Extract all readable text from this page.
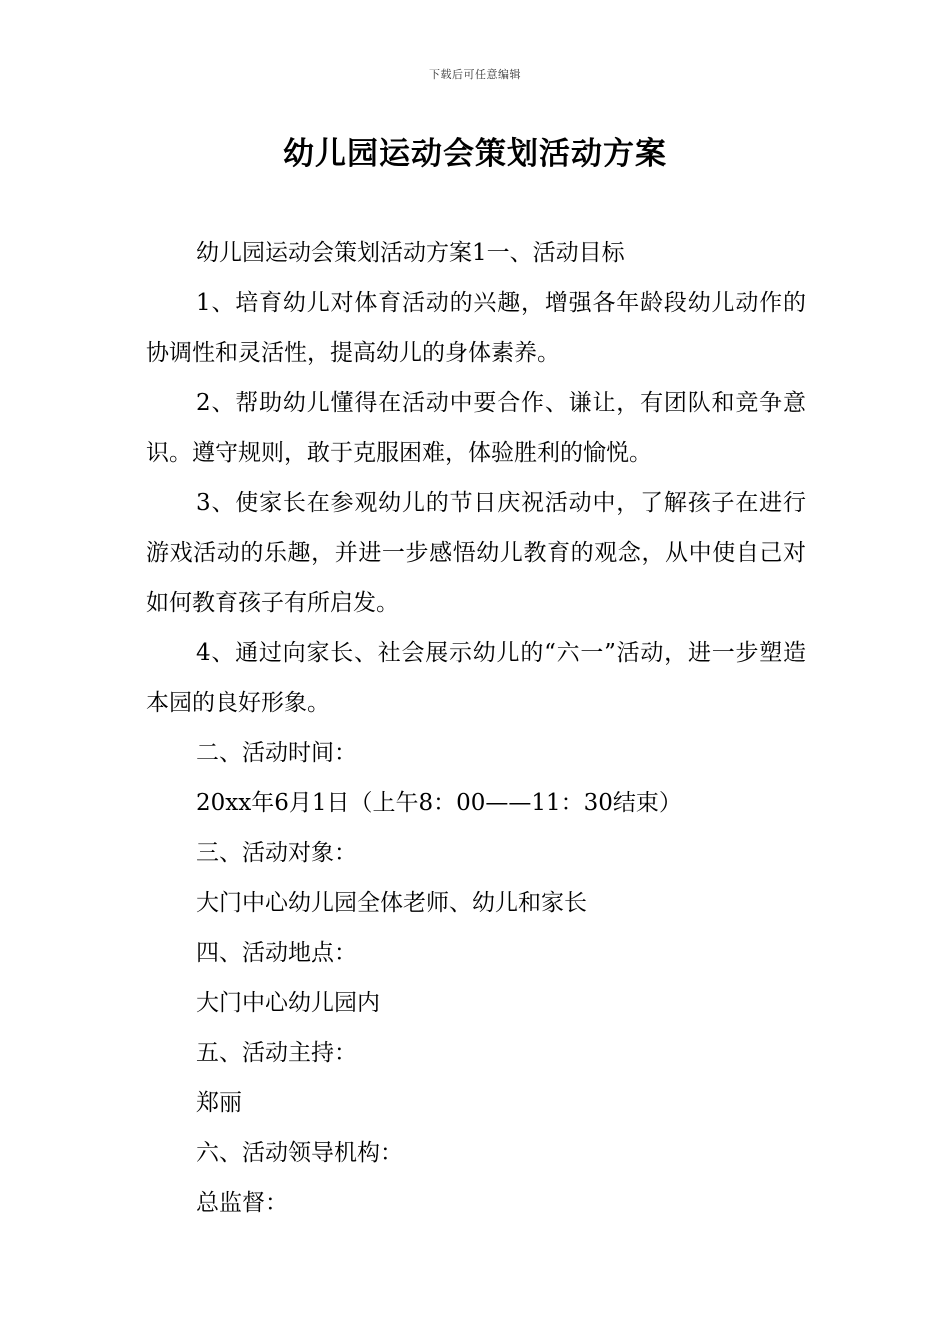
下载后可任意编辑
幼儿园运动会策划活动方案

幼儿园运动会策划活动方案1一、活动目标

1、培育幼儿对体育活动的兴趣，增强各年龄段幼儿动作的协调性和灵活性，提高幼儿的身体素养。

2、帮助幼儿懂得在活动中要合作、谦让，有团队和竞争意识。遵守规则，敢于克服困难，体验胜利的愉悦。

3、使家长在参观幼儿的节日庆祝活动中，了解孩子在进行游戏活动的乐趣，并进一步感悟幼儿教育的观念，从中使自己对如何教育孩子有所启发。

4、通过向家长、社会展示幼儿的“六一”活动，进一步塑造本园的良好形象。

二、活动时间：

20xx年6月1日（上午8：00——11：30结束）

三、活动对象：

大门中心幼儿园全体老师、幼儿和家长

四、活动地点：

大门中心幼儿园内

五、活动主持：

郑丽

六、活动领导机构：

总监督：
